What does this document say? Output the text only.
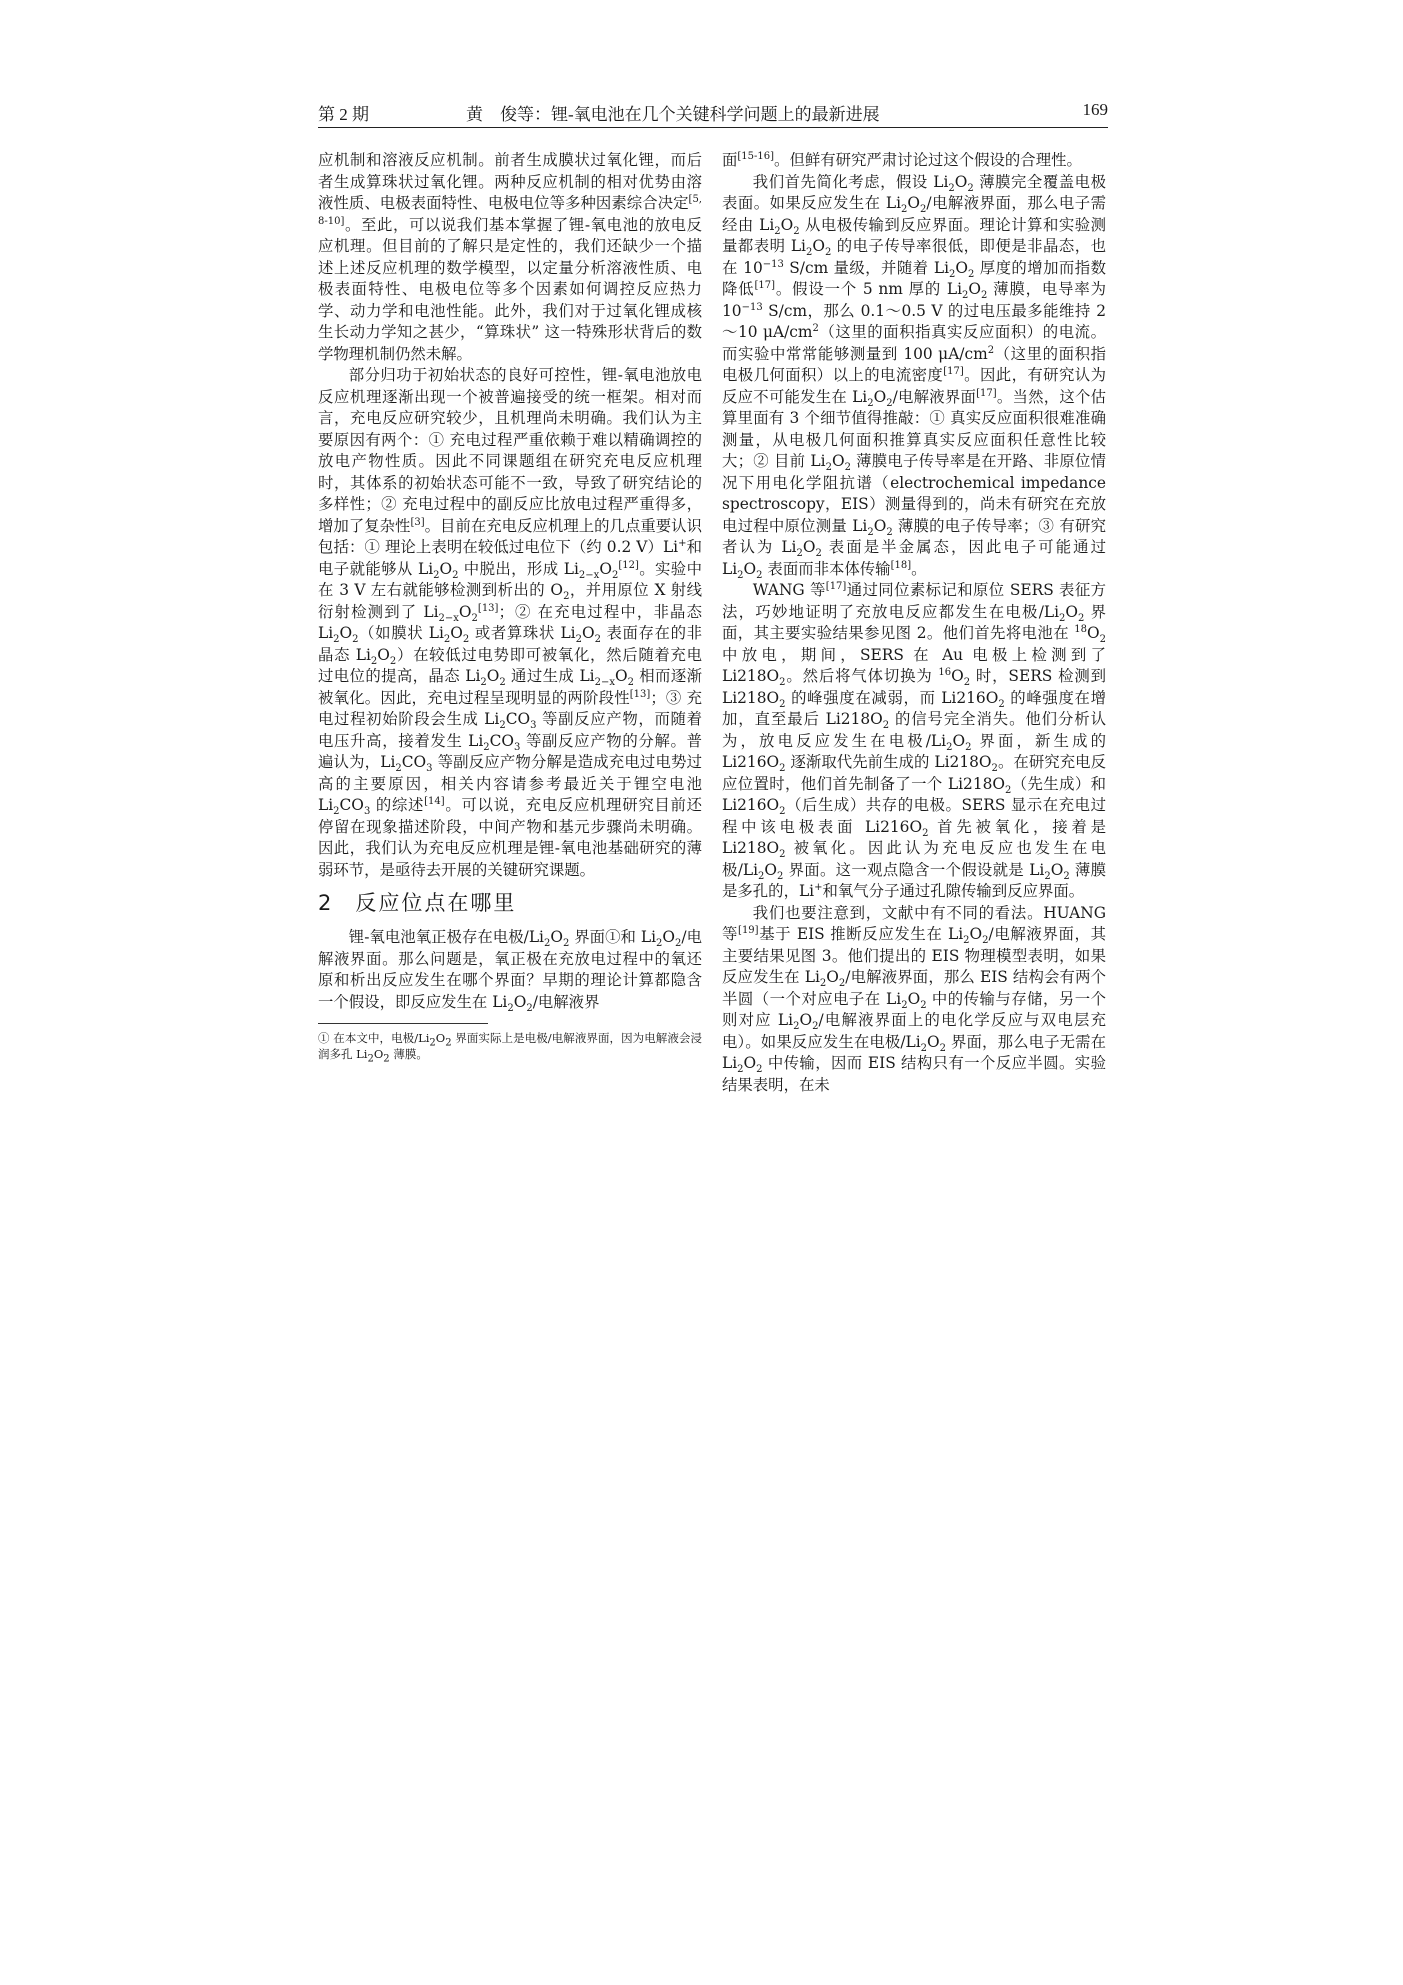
第 2 期	黄　俊等：锂-氧电池在几个关键科学问题上的最新进展	169

应机制和溶液反应机制。前者生成膜状过氧化锂，而后者生成算珠状过氧化锂。两种反应机制的相对优势由溶液性质、电极表面特性、电极电位等多种因素综合决定[5, 8-10]。至此，可以说我们基本掌握了锂-氧电池的放电反应机理。但目前的了解只是定性的，我们还缺少一个描述上述反应机理的数学模型，以定量分析溶液性质、电极表面特性、电极电位等多个因素如何调控反应热力学、动力学和电池性能。此外，我们对于过氧化锂成核生长动力学知之甚少，“算珠状” 这一特殊形状背后的数学物理机制仍然未解。

部分归功于初始状态的良好可控性，锂-氧电池放电反应机理逐渐出现一个被普遍接受的统一框架。相对而言，充电反应研究较少，且机理尚未明确。我们认为主要原因有两个：① 充电过程严重依赖于难以精确调控的放电产物性质。因此不同课题组在研究充电反应机理时，其体系的初始状态可能不一致，导致了研究结论的多样性；② 充电过程中的副反应比放电过程严重得多，增加了复杂性[3]。目前在充电反应机理上的几点重要认识包括：① 理论上表明在较低过电位下（约 0.2 V）Li+和电子就能够从 $Li_2O_2$ 中脱出，形成 $Li_{2-x}O_2[12]$。实验中在 3 V 左右就能够检测到析出的 $O_2$，并用原位 X 射线衍射检测到了 $Li_{2-x}O_2[13]$；② 在充电过程中，非晶态 $Li_2O_2$（如膜状 $Li_2O_2$ 或者算珠状 $Li_2O_2$ 表面存在的非晶态 $Li_2O_2$）在较低过电势即可被氧化，然后随着充电过电位的提高，晶态 $Li_2O_2$ 通过生成 $Li_{2-x}O_2$ 相而逐渐被氧化。因此，充电过程呈现明显的两阶段性[13]；③ 充电过程初始阶段会生成 $Li_2CO_3$ 等副反应产物，而随着电压升高，接着发生 $Li_2CO_3$ 等副反应产物的分解。普遍认为，$Li_2CO_3$ 等副反应产物分解是造成充电过电势过高的主要原因，相关内容请参考最近关于锂空电池 $Li_2CO_3$ 的综述[14]。可以说，充电反应机理研究目前还停留在现象描述阶段，中间产物和基元步骤尚未明确。因此，我们认为充电反应机理是锂-氧电池基础研究的薄弱环节，是亟待去开展的关键研究课题。

2 反应位点在哪里

锂-氧电池氧正极存在电极$/Li_2O_2$ 界面①和 $Li_2O_2/$电解液界面。那么问题是，氧正极在充放电过程中的氧还原和析出反应发生在哪个界面？早期的理论计算都隐含一个假设，即反应发生在 $Li_2O_2/$电解液界

① 在本文中，电极$/Li_2O_2$ 界面实际上是电极/电解液界面，因为电解液会浸润多孔 $Li_2O_2$ 薄膜。

面[15-16]。但鲜有研究严肃讨论过这个假设的合理性。

我们首先简化考虑，假设 $Li_2O_2$ 薄膜完全覆盖电极表面。如果反应发生在 $Li_2O_2/$电解液界面，那么电子需经由 $Li_2O_2$ 从电极传输到反应界面。理论计算和实验测量都表明 $Li_2O_2$ 的电子传导率很低，即便是非晶态，也在 $10^{-13}$ S/cm 量级，并随着 $Li_2O_2$ 厚度的增加而指数降低[17]。假设一个 5 nm 厚的 $Li_2O_2$ 薄膜，电导率为 $10^{-13}$ S/cm，那么 0.1～0.5 V 的过电压最多能维持 2～10 $\mu A/cm^2$（这里的面积指真实反应面积）的电流。而实验中常常能够测量到 100 $\mu A/cm^2$（这里的面积指电极几何面积）以上的电流密度[17]。因此，有研究认为反应不可能发生在 $Li_2O_2/$电解液界面[17]。当然，这个估算里面有 3 个细节值得推敲：① 真实反应面积很难准确测量，从电极几何面积推算真实反应面积任意性比较大；② 目前 $Li_2O_2$ 薄膜电子传导率是在开路、非原位情况下用电化学阻抗谱（electrochemical impedance spectroscopy，EIS）测量得到的，尚未有研究在充放电过程中原位测量 $Li_2O_2$ 薄膜的电子传导率；③ 有研究者认为 $Li_2O_2$ 表面是半金属态，因此电子可能通过 $Li_2O_2$ 表面而非本体传输[18]。

WANG 等[17]通过同位素标记和原位 SERS 表征方法，巧妙地证明了充放电反应都发生在电极$/Li_2O_2$ 界面，其主要实验结果参见图 2。他们首先将电池在 $^{18}O_2$ 中放电，期间，SERS 在 Au 电极上检测到了 $Li218O_2$。然后将气体切换为 $^{16}O_2$ 时，SERS 检测到 $Li218O_2$ 的峰强度在减弱，而 $Li216O_2$ 的峰强度在增加，直至最后 $Li218O_2$ 的信号完全消失。他们分析认为，放电反应发生在电极$/Li_2O_2$ 界面，新生成的 $Li216O_2$ 逐渐取代先前生成的 $Li218O_2$。在研究充电反应位置时，他们首先制备了一个 $Li218O_2$（先生成）和 $Li216O_2$（后生成）共存的电极。SERS 显示在充电过程中该电极表面 $Li216O_2$ 首先被氧化，接着是 $Li218O_2$ 被氧化。因此认为充电反应也发生在电极$/Li_2O_2$ 界面。这一观点隐含一个假设就是 $Li_2O_2$ 薄膜是多孔的，Li+和氧气分子通过孔隙传输到反应界面。

我们也要注意到，文献中有不同的看法。HUANG 等[19]基于 EIS 推断反应发生在 $Li_2O_2/$电解液界面，其主要结果见图 3。他们提出的 EIS 物理模型表明，如果反应发生在 $Li_2O_2/$电解液界面，那么 EIS 结构会有两个半圆（一个对应电子在 $Li_2O_2$ 中的传输与存储，另一个则对应 $Li_2O_2/$电解液界面上的电化学反应与双电层充电）。如果反应发生在电极$/Li_2O_2$ 界面，那么电子无需在 $Li_2O_2$ 中传输，因而 EIS 结构只有一个反应半圆。实验结果表明，在未
